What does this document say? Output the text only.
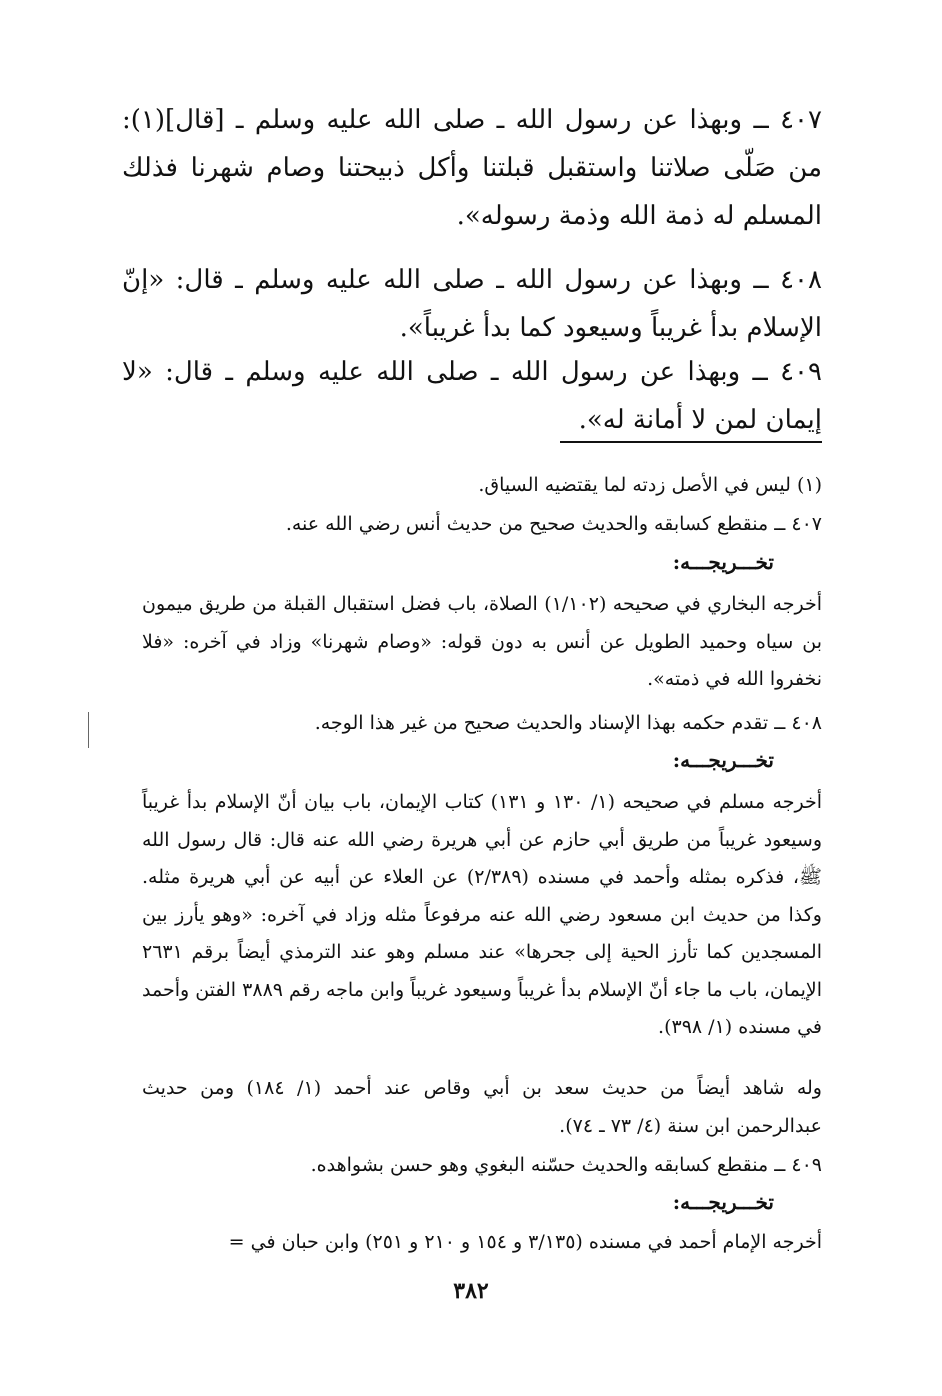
٤٠٧ ــ وبهذا عن رسول الله ـ صلى الله عليه وسلم ـ [قال](١): من صَلّى صلاتنا واستقبل قبلتنا وأكل ذبيحتنا وصام شهرنا فذلك المسلم له ذمة الله وذمة رسوله».

٤٠٨ ــ وبهذا عن رسول الله ـ صلى الله عليه وسلم ـ قال: «إنّ الإسلام بدأ غريباً وسيعود كما بدأ غريباً».

٤٠٩ ــ وبهذا عن رسول الله ـ صلى الله عليه وسلم ـ قال: «لا إيمان لمن لا أمانة له».

(١) ليس في الأصل زدته لما يقتضيه السياق.
٤٠٧ ــ منقطع كسابقه والحديث صحيح من حديث أنس رضي الله عنه.
تخـــريجـــه:
أخرجه البخاري في صحيحه (١/١٠٢) الصلاة، باب فضل استقبال القبلة من طريق ميمون بن سياه وحميد الطويل عن أنس به دون قوله: «وصام شهرنا» وزاد في آخره: «فلا نخفروا الله في ذمته».
٤٠٨ ــ تقدم حكمه بهذا الإسناد والحديث صحيح من غير هذا الوجه.
تخـــريجـــه:
أخرجه مسلم في صحيحه (١/ ١٣٠ و ١٣١) كتاب الإيمان، باب بيان أنّ الإسلام بدأ غريباً وسيعود غريباً من طريق أبي حازم عن أبي هريرة رضي الله عنه قال: قال رسول الله ﷺ، فذكره بمثله وأحمد في مسنده (٢/٣٨٩) عن العلاء عن أبيه عن أبي هريرة مثله. وكذا من حديث ابن مسعود رضي الله عنه مرفوعاً مثله وزاد في آخره: «وهو يأرز بين المسجدين كما تأرز الحية إلى جحرها» عند مسلم وهو عند الترمذي أيضاً برقم ٢٦٣١ الإيمان، باب ما جاء أنّ الإسلام بدأ غريباً وسيعود غريباً وابن ماجه رقم ٣٨٨٩ الفتن وأحمد في مسنده (١/ ٣٩٨).
وله شاهد أيضاً من حديث سعد بن أبي وقاص عند أحمد (١/ ١٨٤) ومن حديث عبدالرحمن ابن سنة (٤/ ٧٣ ـ ٧٤).
٤٠٩ ــ منقطع كسابقه والحديث حسّنه البغوي وهو حسن بشواهده.
تخـــريجـــه:
أخرجه الإمام أحمد في مسنده (٣/١٣٥ و ١٥٤ و ٢١٠ و ٢٥١) وابن حبان في =
٣٨٢
